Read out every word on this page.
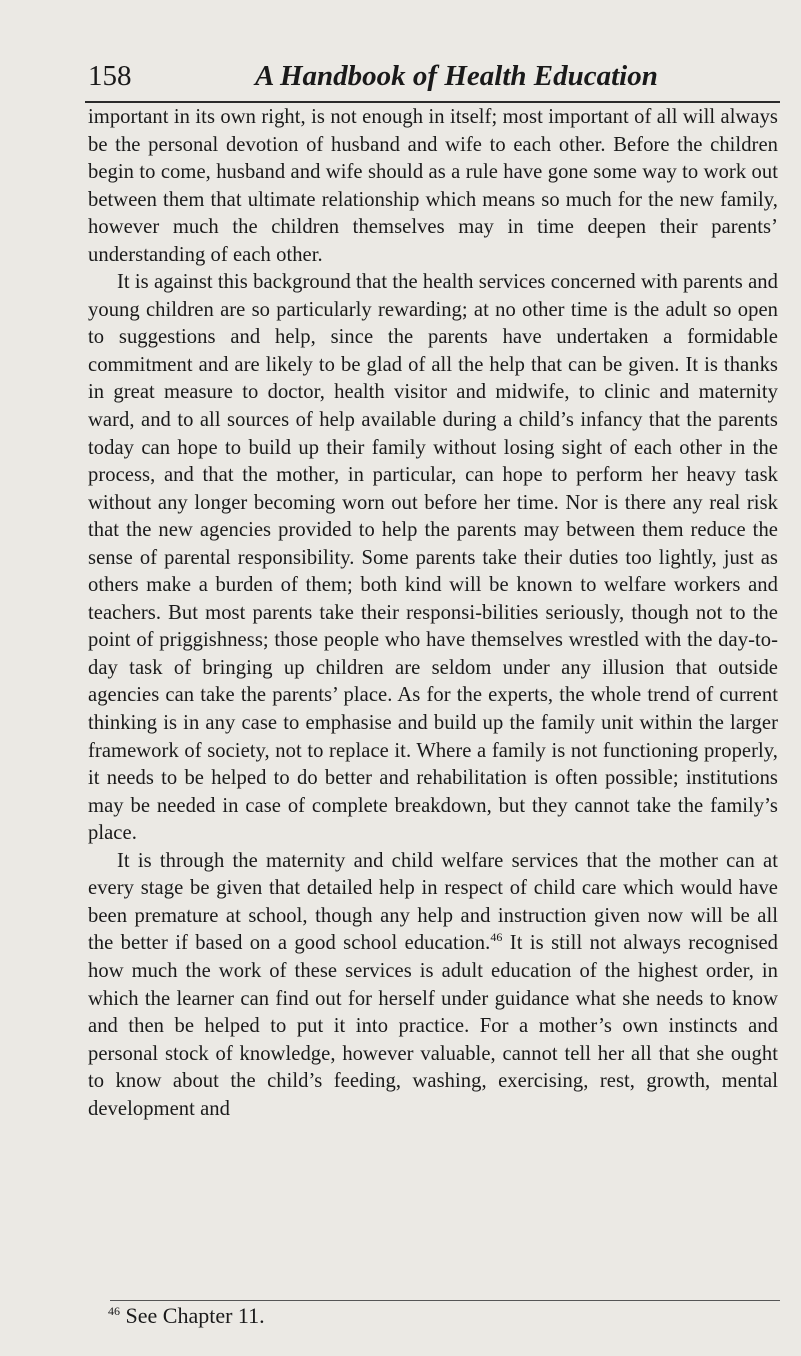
158	A Handbook of Health Education

important in its own right, is not enough in itself; most important of all will always be the personal devotion of husband and wife to each other. Before the children begin to come, husband and wife should as a rule have gone some way to work out between them that ultimate relationship which means so much for the new family, however much the children themselves may in time deepen their parents’ understanding of each other.

It is against this background that the health services concerned with parents and young children are so particularly rewarding; at no other time is the adult so open to suggestions and help, since the parents have undertaken a formidable commitment and are likely to be glad of all the help that can be given. It is thanks in great measure to doctor, health visitor and midwife, to clinic and maternity ward, and to all sources of help available during a child’s infancy that the parents today can hope to build up their family without losing sight of each other in the process, and that the mother, in particular, can hope to perform her heavy task without any longer becoming worn out before her time. Nor is there any real risk that the new agencies provided to help the parents may between them reduce the sense of parental responsibility. Some parents take their duties too lightly, just as others make a burden of them; both kind will be known to welfare workers and teachers. But most parents take their responsi-bilities seriously, though not to the point of priggishness; those people who have themselves wrestled with the day-to-day task of bringing up children are seldom under any illusion that outside agencies can take the parents’ place. As for the experts, the whole trend of current thinking is in any case to emphasise and build up the family unit within the larger framework of society, not to replace it. Where a family is not functioning properly, it needs to be helped to do better and rehabilitation is often possible; institutions may be needed in case of complete breakdown, but they cannot take the family’s place.

It is through the maternity and child welfare services that the mother can at every stage be given that detailed help in respect of child care which would have been premature at school, though any help and instruction given now will be all the better if based on a good school education.$^{46}$ It is still not always recognised how much the work of these services is adult education of the highest order, in which the learner can find out for herself under guidance what she needs to know and then be helped to put it into practice. For a mother’s own instincts and personal stock of knowledge, however valuable, cannot tell her all that she ought to know about the child’s feeding, washing, exercising, rest, growth, mental development and

$^{46}$ See Chapter 11.
